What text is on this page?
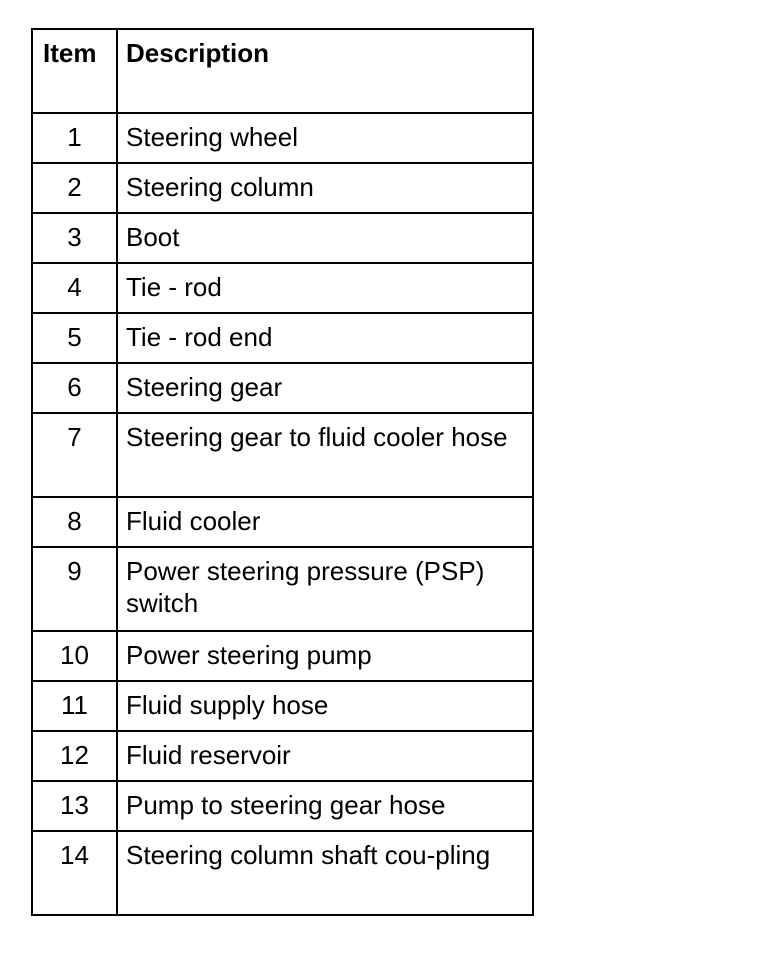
Item	Description
1	Steering wheel
2	Steering column
3	Boot
4	Tie - rod
5	Tie - rod end
6	Steering gear
7	Steering gear to fluid cooler hose
8	Fluid cooler
9	Power steering pressure (PSP) switch
10	Power steering pump
11	Fluid supply hose
12	Fluid reservoir
13	Pump to steering gear hose
14	Steering column shaft cou-pling
